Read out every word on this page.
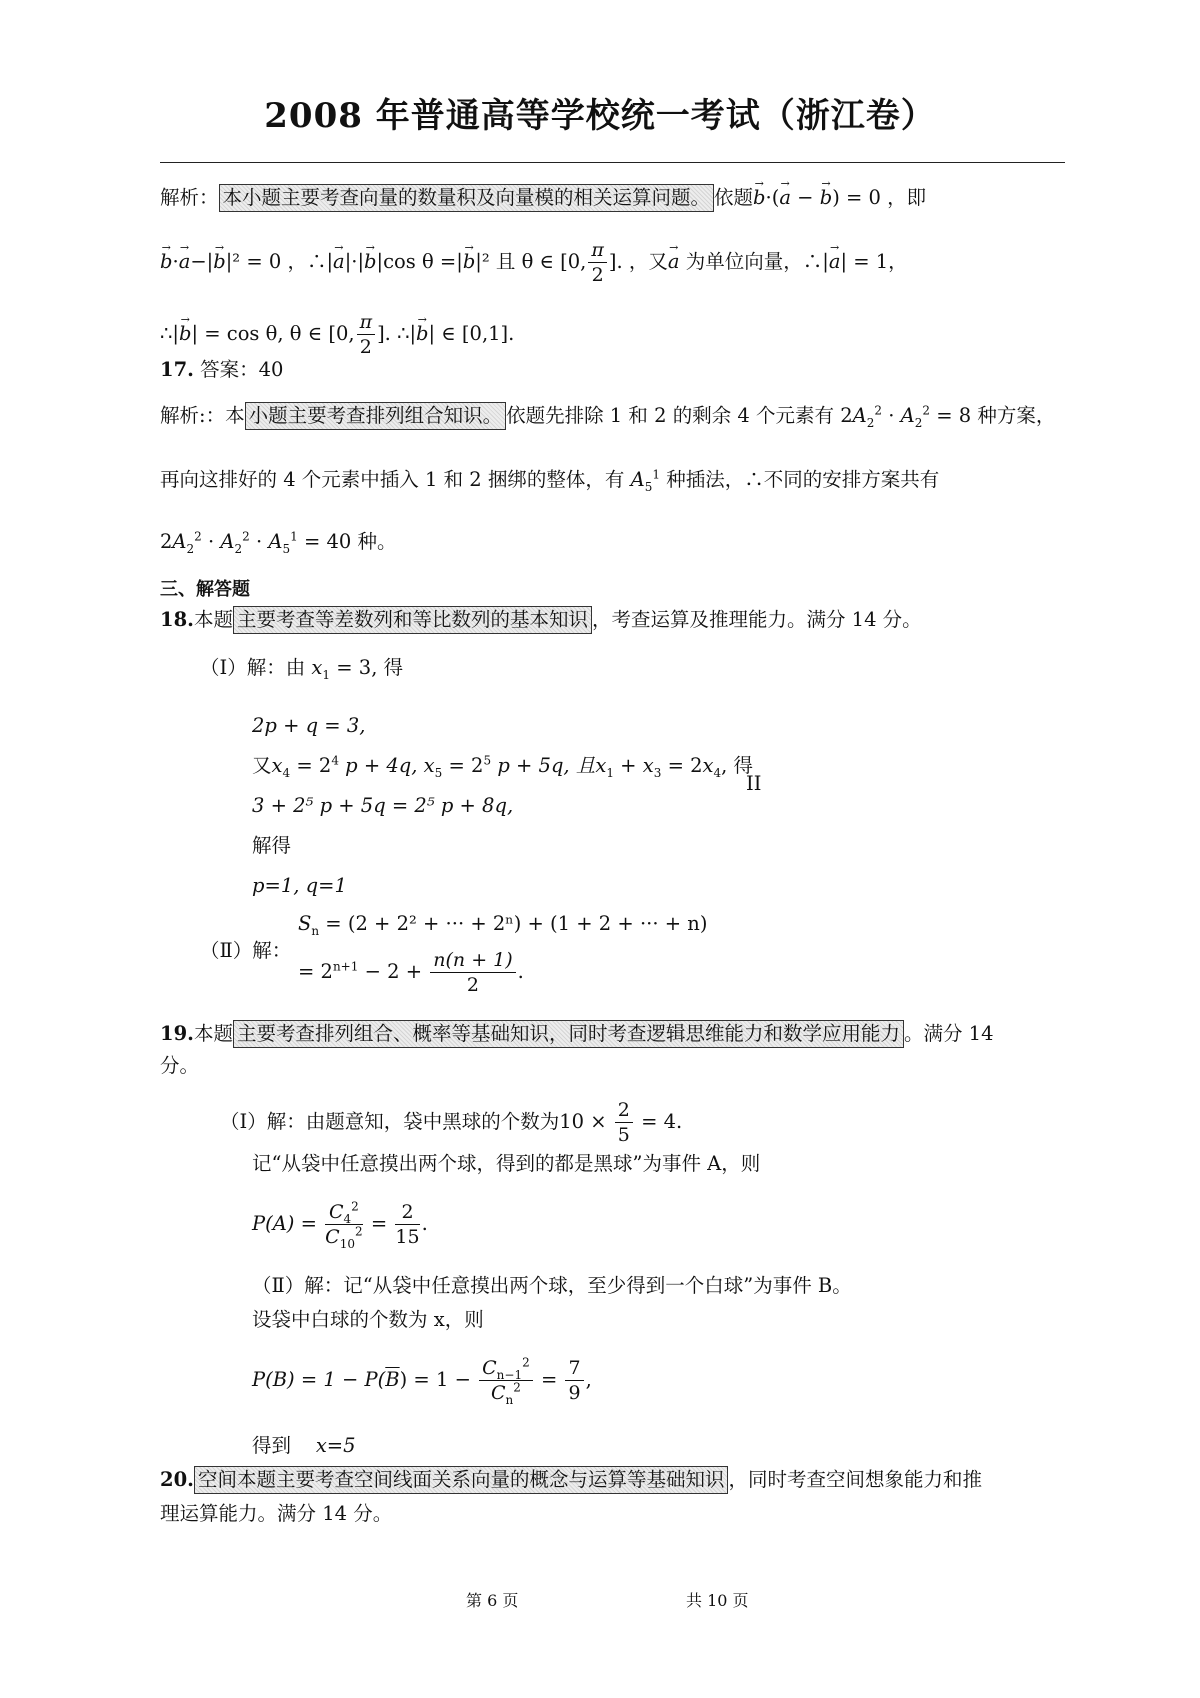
2008 年普通高等学校统一考试（浙江卷）
解析： 本小题主要考查向量的数量积及向量模的相关运算问题。 依题→ b·(→ a − → b) = 0 ，即
→ b·→ a−|→ b|² = 0 ，∴|→ a|·|→ b|cos θ =|→ b|² 且 θ ∈ [0, $\frac{\pi}{2}$ ]. ，又→ a 为单位向量，∴|→ a| = 1，
∴|→ b| = cos θ, θ ∈ [0, $\frac{\pi}{2}$ ]. ∴|→ b| ∈ [0,1].
17. 答案：40
解析:：本 小题主要考查排列组合知识。 依题先排除 1 和 2 的剩余 4 个元素有 $2A_2^2 \cdot A_2^2 = 8$ 种方案，
再向这排好的 4 个元素中插入 1 和 2 捆绑的整体，有 $A_5^1$ 种插法，∴不同的安排方案共有
$2A_2^2 \cdot A_2^2 \cdot A_5^1 = 40$ 种。
三、解答题
18.本题 主要考查等差数列和等比数列的基本知识 ，考查运算及推理能力。满分 14 分。
（Ⅰ）解：由 $x_1 = 3$, 得
2p + q = 3,
又$x_4 = 2^4$ p + 4q, $x_5 = 2^5$ p + 5q, 且$x_1 + x_3 = 2x_4$, 得
II
3 + 2⁵ p + 5q = 2⁵ p + 8q,
解得
p=1, q=1
$S_n = (2 + 2^2$ + ··· + 2ⁿ) + (1 + 2 + ··· + n)
（Ⅱ）解：
= $2^{n+1} - 2 + \frac{n(n + 1)}{2}$ .
19.本题 主要考查排列组合、概率等基础知识，同时考查逻辑思维能力和数学应用能力 。满分 14
分。
（Ⅰ）解：由题意知，袋中黑球的个数为$10 \times \frac{2}{5} = 4$.
记“从袋中任意摸出两个球，得到的都是黑球”为事件 A，则
$P(A) = \frac{C_4^2}{C_{10}^2} = \frac{2}{15}$ .
（Ⅱ）解：记“从袋中任意摸出两个球，至少得到一个白球”为事件 B。
设袋中白球的个数为 x，则
$P(B) = 1 - P(\overline{B}) = 1 - \frac{C_{n-1}^2}{C_n^2} = \frac{7}{9}$ ,
得到 x=5
20. 空间本题主要考查空间线面关系向量的概念与运算等基础知识 ，同时考查空间想象能力和推
理运算能力。满分 14 分。
第 6 页	共 10 页
